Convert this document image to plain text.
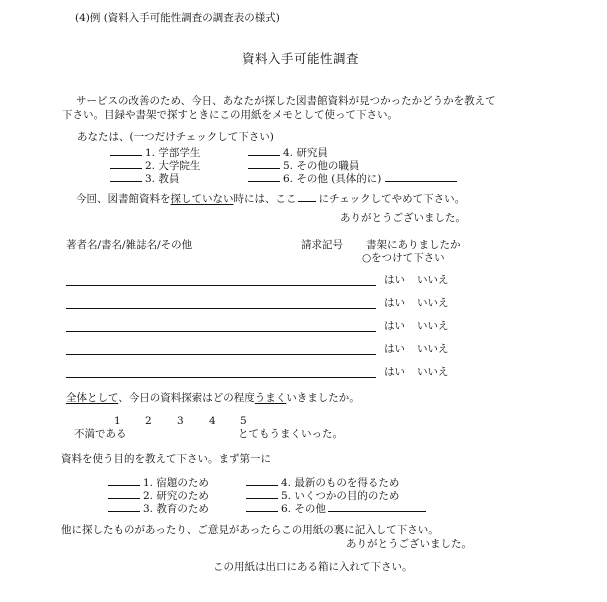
(4)例 (資料入手可能性調査の調査表の様式)
資料入手可能性調査
サービスの改善のため、今日、あなたが探した図書館資料が見つかったかどうかを教えて
下さい。目録や書架で探すときにこの用紙をメモとして使って下さい。
あなたは、(一つだけチェックして下さい)
1. 学部学生
2. 大学院生
3. 教員
4. 研究員
5. その他の職員
6. その他 (具体的に)
今回、図書館資料を探していない時には、ここ にチェックしてやめて下さい。
ありがとうございました。
著者名/書名/雑誌名/その他	請求記号 書架にありましたか
○をつけて下さい
はい いいえ
はい いいえ
はい いいえ
はい いいえ
はい いいえ
全体として、今日の資料探索はどの程度うまくいきましたか。
1 2 3 4 5
不満である	とてもうまくいった。
資料を使う目的を教えて下さい。まず第一に
1. 宿題のため
2. 研究のため
3. 教育のため
4. 最新のものを得るため
5. いくつかの目的のため
6. その他
他に探したものがあったり、ご意見があったらこの用紙の裏に記入して下さい。
ありがとうございました。
この用紙は出口にある箱に入れて下さい。
